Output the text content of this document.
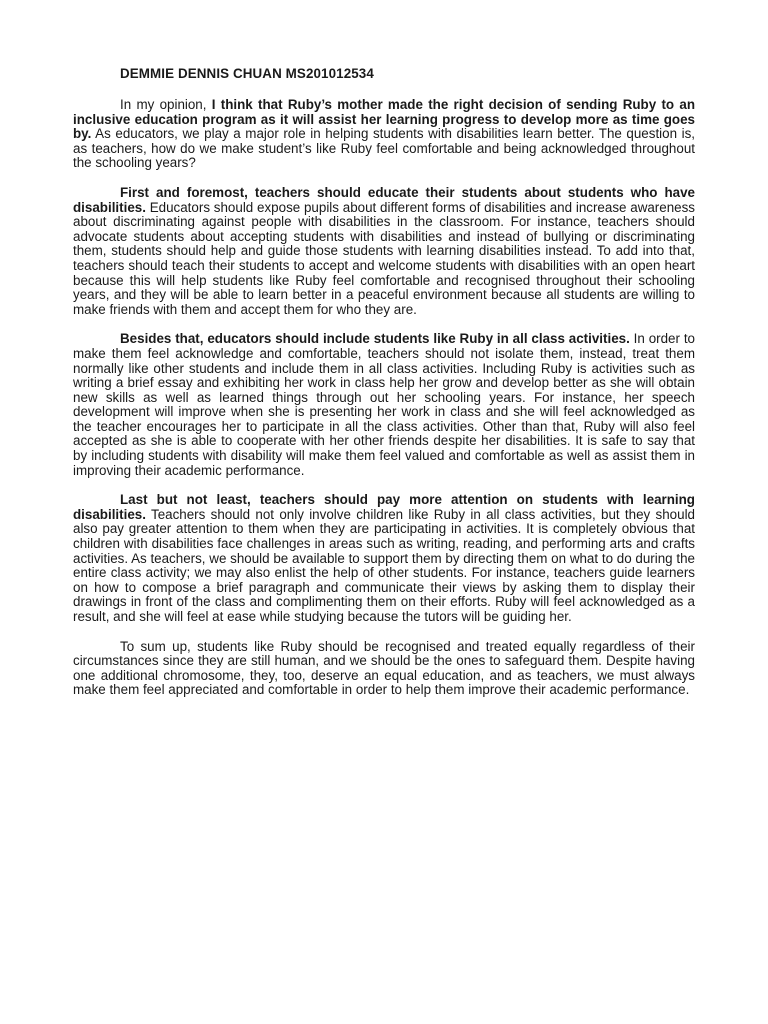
DEMMIE DENNIS CHUAN MS201012534

In my opinion, I think that Ruby’s mother made the right decision of sending Ruby to an inclusive education program as it will assist her learning progress to develop more as time goes by. As educators, we play a major role in helping students with disabilities learn better. The question is, as teachers, how do we make student’s like Ruby feel comfortable and being acknowledged throughout the schooling years?

First and foremost, teachers should educate their students about students who have disabilities. Educators should expose pupils about different forms of disabilities and increase awareness about discriminating against people with disabilities in the classroom. For instance, teachers should advocate students about accepting students with disabilities and instead of bullying or discriminating them, students should help and guide those students with learning disabilities instead. To add into that, teachers should teach their students to accept and welcome students with disabilities with an open heart because this will help students like Ruby feel comfortable and recognised throughout their schooling years, and they will be able to learn better in a peaceful environment because all students are willing to make friends with them and accept them for who they are.

Besides that, educators should include students like Ruby in all class activities. In order to make them feel acknowledge and comfortable, teachers should not isolate them, instead, treat them normally like other students and include them in all class activities. Including Ruby is activities such as writing a brief essay and exhibiting her work in class help her grow and develop better as she will obtain new skills as well as learned things through out her schooling years. For instance, her speech development will improve when she is presenting her work in class and she will feel acknowledged as the teacher encourages her to participate in all the class activities. Other than that, Ruby will also feel accepted as she is able to cooperate with her other friends despite her disabilities. It is safe to say that by including students with disability will make them feel valued and comfortable as well as assist them in improving their academic performance.

Last but not least, teachers should pay more attention on students with learning disabilities. Teachers should not only involve children like Ruby in all class activities, but they should also pay greater attention to them when they are participating in activities. It is completely obvious that children with disabilities face challenges in areas such as writing, reading, and performing arts and crafts activities. As teachers, we should be available to support them by directing them on what to do during the entire class activity; we may also enlist the help of other students. For instance, teachers guide learners on how to compose a brief paragraph and communicate their views by asking them to display their drawings in front of the class and complimenting them on their efforts. Ruby will feel acknowledged as a result, and she will feel at ease while studying because the tutors will be guiding her.

To sum up, students like Ruby should be recognised and treated equally regardless of their circumstances since they are still human, and we should be the ones to safeguard them. Despite having one additional chromosome, they, too, deserve an equal education, and as teachers, we must always make them feel appreciated and comfortable in order to help them improve their academic performance.
